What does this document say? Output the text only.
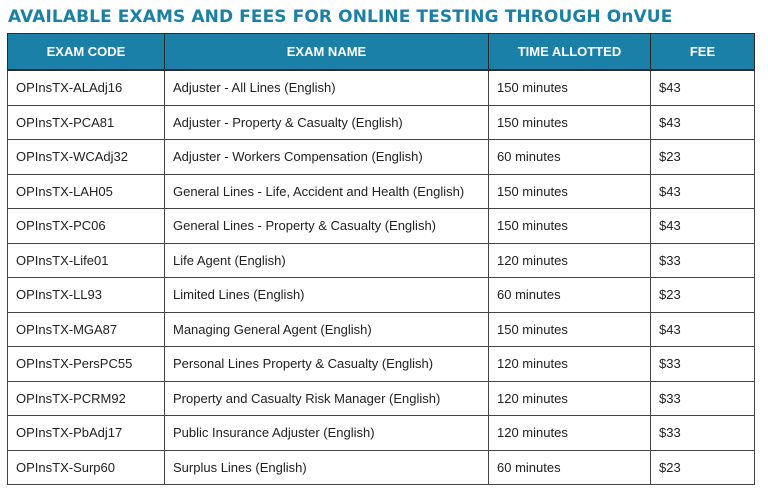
AVAILABLE EXAMS AND FEES FOR ONLINE TESTING THROUGH OnVUE
EXAM CODE	EXAM NAME	TIME ALLOTTED	FEE
OPInsTX-ALAdj16	Adjuster - All Lines (English)	150 minutes	$43
OPInsTX-PCA81	Adjuster - Property & Casualty (English)	150 minutes	$43
OPInsTX-WCAdj32	Adjuster - Workers Compensation (English)	60 minutes	$23
OPInsTX-LAH05	General Lines - Life, Accident and Health (English)	150 minutes	$43
OPInsTX-PC06	General Lines - Property & Casualty (English)	150 minutes	$43
OPInsTX-Life01	Life Agent (English)	120 minutes	$33
OPInsTX-LL93	Limited Lines (English)	60 minutes	$23
OPInsTX-MGA87	Managing General Agent (English)	150 minutes	$43
OPInsTX-PersPC55	Personal Lines Property & Casualty (English)	120 minutes	$33
OPInsTX-PCRM92	Property and Casualty Risk Manager (English)	120 minutes	$33
OPInsTX-PbAdj17	Public Insurance Adjuster (English)	120 minutes	$33
OPInsTX-Surp60	Surplus Lines (English)	60 minutes	$23
